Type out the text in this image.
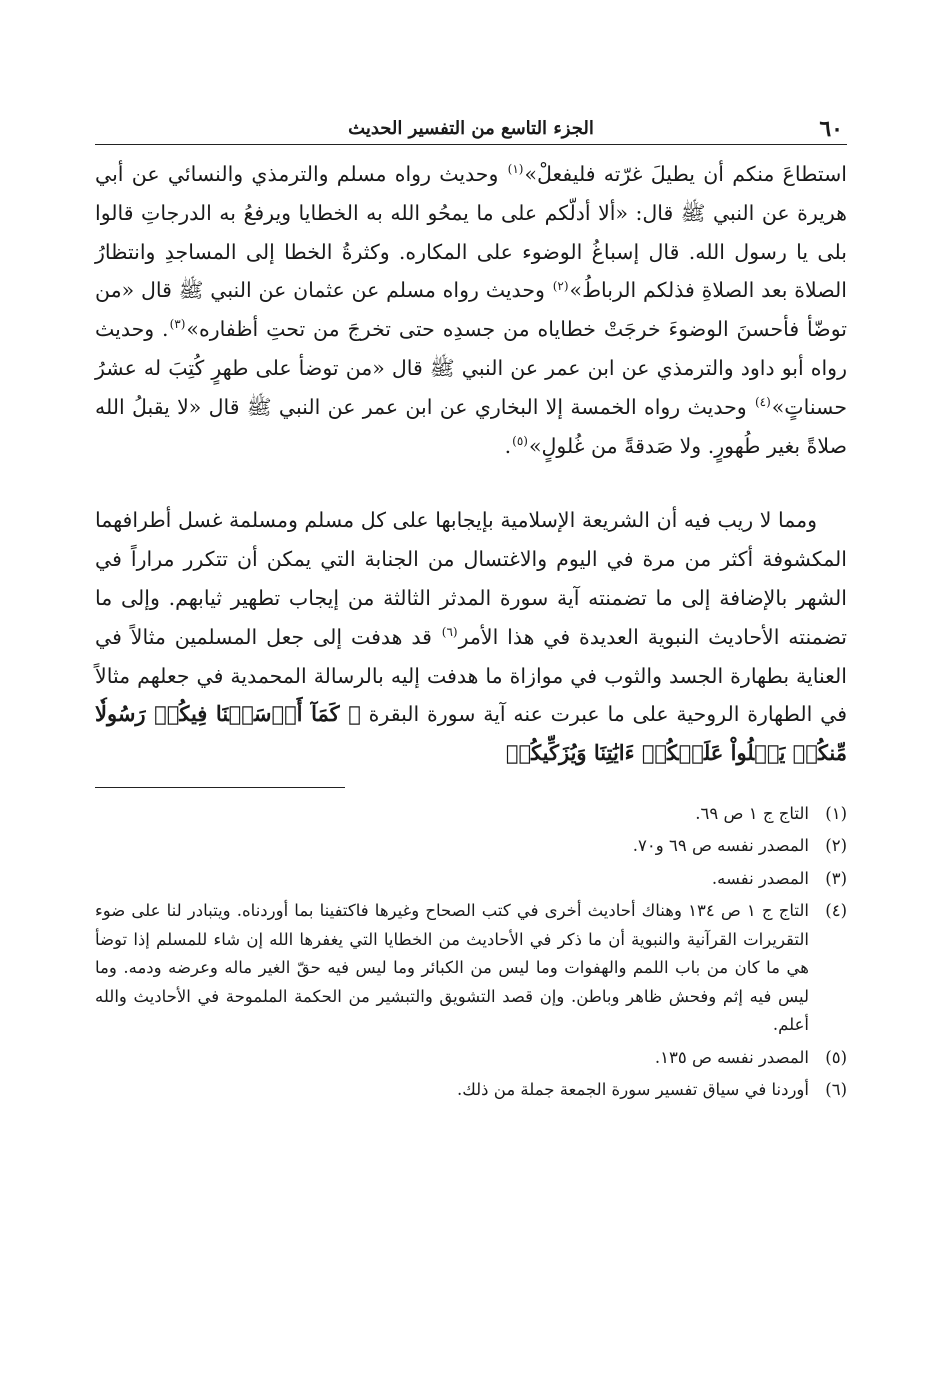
٦٠
الجزء التاسع من التفسير الحديث

استطاعَ منكم أن يطيلَ غرّته فليفعلْ»$^{(١)}$ وحديث رواه مسلم والترمذي والنسائي عن أبي هريرة عن النبي ﷺ قال: «ألا أدلّكم على ما يمحُو الله به الخطايا ويرفعُ به الدرجاتِ قالوا بلى يا رسول الله. قال إسباغُ الوضوء على المكاره. وكثرةُ الخطا إلى المساجدِ وانتظارُ الصلاة بعد الصلاةِ فذلكم الرباطُ»$^{(٢)}$ وحديث رواه مسلم عن عثمان عن النبي ﷺ قال «من توضّأ فأحسنَ الوضوءَ خرجَتْ خطاياه من جسدِه حتى تخرجَ من تحتِ أظفاره»$^{(٣)}$. وحديث رواه أبو داود والترمذي عن ابن عمر عن النبي ﷺ قال «من توضأ على طهرٍ كُتِبَ له عشرُ حسناتٍ»$^{(٤)}$ وحديث رواه الخمسة إلا البخاري عن ابن عمر عن النبي ﷺ قال «لا يقبلُ الله صلاةً بغير طُهورٍ. ولا صَدقةً من غُلولٍ»$^{(٥)}$.

ومما لا ريب فيه أن الشريعة الإسلامية بإيجابها على كل مسلم ومسلمة غسل أطرافهما المكشوفة أكثر من مرة في اليوم والاغتسال من الجنابة التي يمكن أن تتكرر مراراً في الشهر بالإضافة إلى ما تضمنته آية سورة المدثر الثالثة من إيجاب تطهير ثيابهم. وإلى ما تضمنته الأحاديث النبوية العديدة في هذا الأمر$^{(٦)}$ قد هدفت إلى جعل المسلمين مثالاً في العناية بطهارة الجسد والثوب في موازاة ما هدفت إليه بالرسالة المحمدية في جعلهم مثالاً في الطهارة الروحية على ما عبرت عنه آية سورة البقرة ﴿ كَمَآ أَرۡسَلۡنَا فِيكُمۡ رَسُولٗا مِّنكُمۡ يَتۡلُواْ عَلَيۡكُمۡ ءَايَٰتِنَا وَيُزَكِّيكُمۡ

(١)
التاج ج ١ ص ٦٩.
(٢)
المصدر نفسه ص ٦٩ و٧٠.
(٣)
المصدر نفسه.
(٤)
التاج ج ١ ص ١٣٤ وهناك أحاديث أخرى في كتب الصحاح وغيرها فاكتفينا بما أوردناه. ويتبادر لنا على ضوء التقريرات القرآنية والنبوية أن ما ذكر في الأحاديث من الخطايا التي يغفرها الله إن شاء للمسلم إذا توضأ هي ما كان من باب اللمم والهفوات وما ليس من الكبائر وما ليس فيه حقّ الغير ماله وعرضه ودمه. وما ليس فيه إثم وفحش ظاهر وباطن. وإن قصد التشويق والتبشير من الحكمة الملموحة في الأحاديث والله أعلم.
(٥)
المصدر نفسه ص ١٣٥.
(٦)
أوردنا في سياق تفسير سورة الجمعة جملة من ذلك.
